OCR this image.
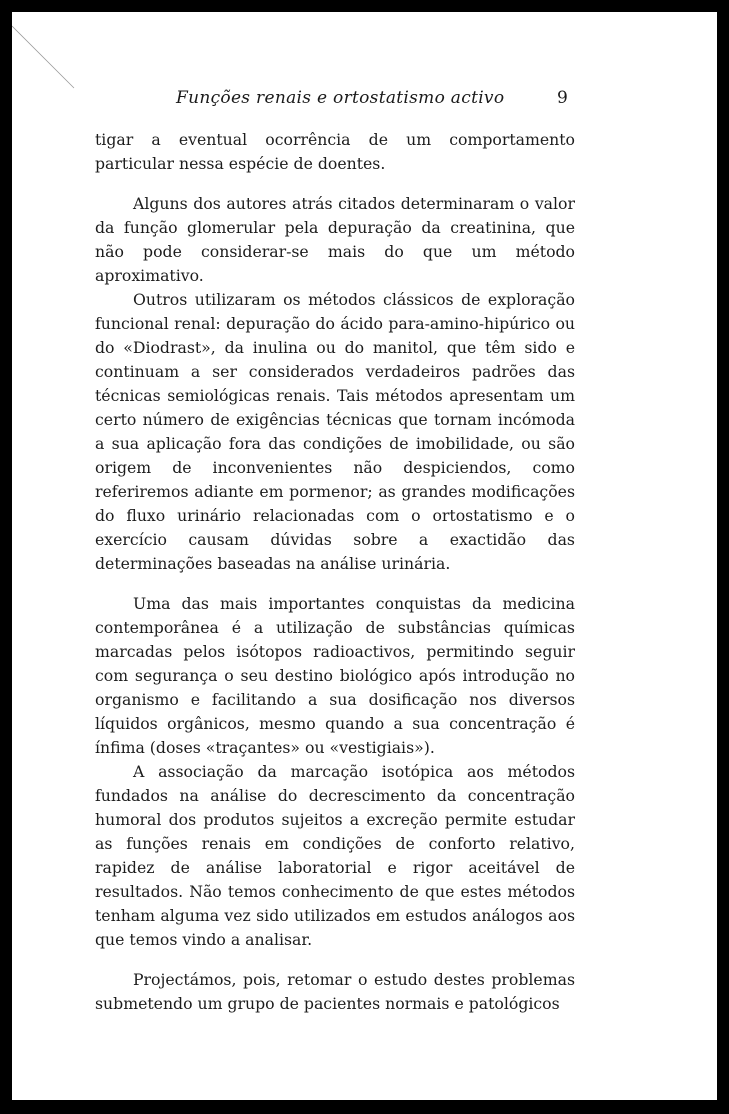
Funções renais e ortostatismo activo	9

tigar a eventual ocorrência de um comportamento particular nessa espécie de doentes.

Alguns dos autores atrás citados determinaram o valor da função glomerular pela depuração da creatinina, que não pode considerar-se mais do que um método aproximativo.

Outros utilizaram os métodos clássicos de exploração funcional renal: depuração do ácido para-amino-hipúrico ou do «Diodrast», da inulina ou do manitol, que têm sido e continuam a ser considerados verdadeiros padrões das técnicas semiológicas renais. Tais métodos apresentam um certo número de exigências técnicas que tornam incómoda a sua aplicação fora das condições de imobilidade, ou são origem de inconvenientes não despiciendos, como referiremos adiante em pormenor; as grandes modificações do fluxo urinário relacionadas com o ortostatismo e o exercício causam dúvidas sobre a exactidão das determinações baseadas na análise urinária.

Uma das mais importantes conquistas da medicina contemporânea é a utilização de substâncias químicas marcadas pelos isótopos radioactivos, permitindo seguir com segurança o seu destino biológico após introdução no organismo e facilitando a sua dosificação nos diversos líquidos orgânicos, mesmo quando a sua concentração é ínfima (doses «traçantes» ou «vestigiais»).

A associação da marcação isotópica aos métodos fundados na análise do decrescimento da concentração humoral dos produtos sujeitos a excreção permite estudar as funções renais em condições de conforto relativo, rapidez de análise laboratorial e rigor aceitável de resultados. Não temos conhecimento de que estes métodos tenham alguma vez sido utilizados em estudos análogos aos que temos vindo a analisar.

Projectámos, pois, retomar o estudo destes problemas submetendo um grupo de pacientes normais e patológicos
